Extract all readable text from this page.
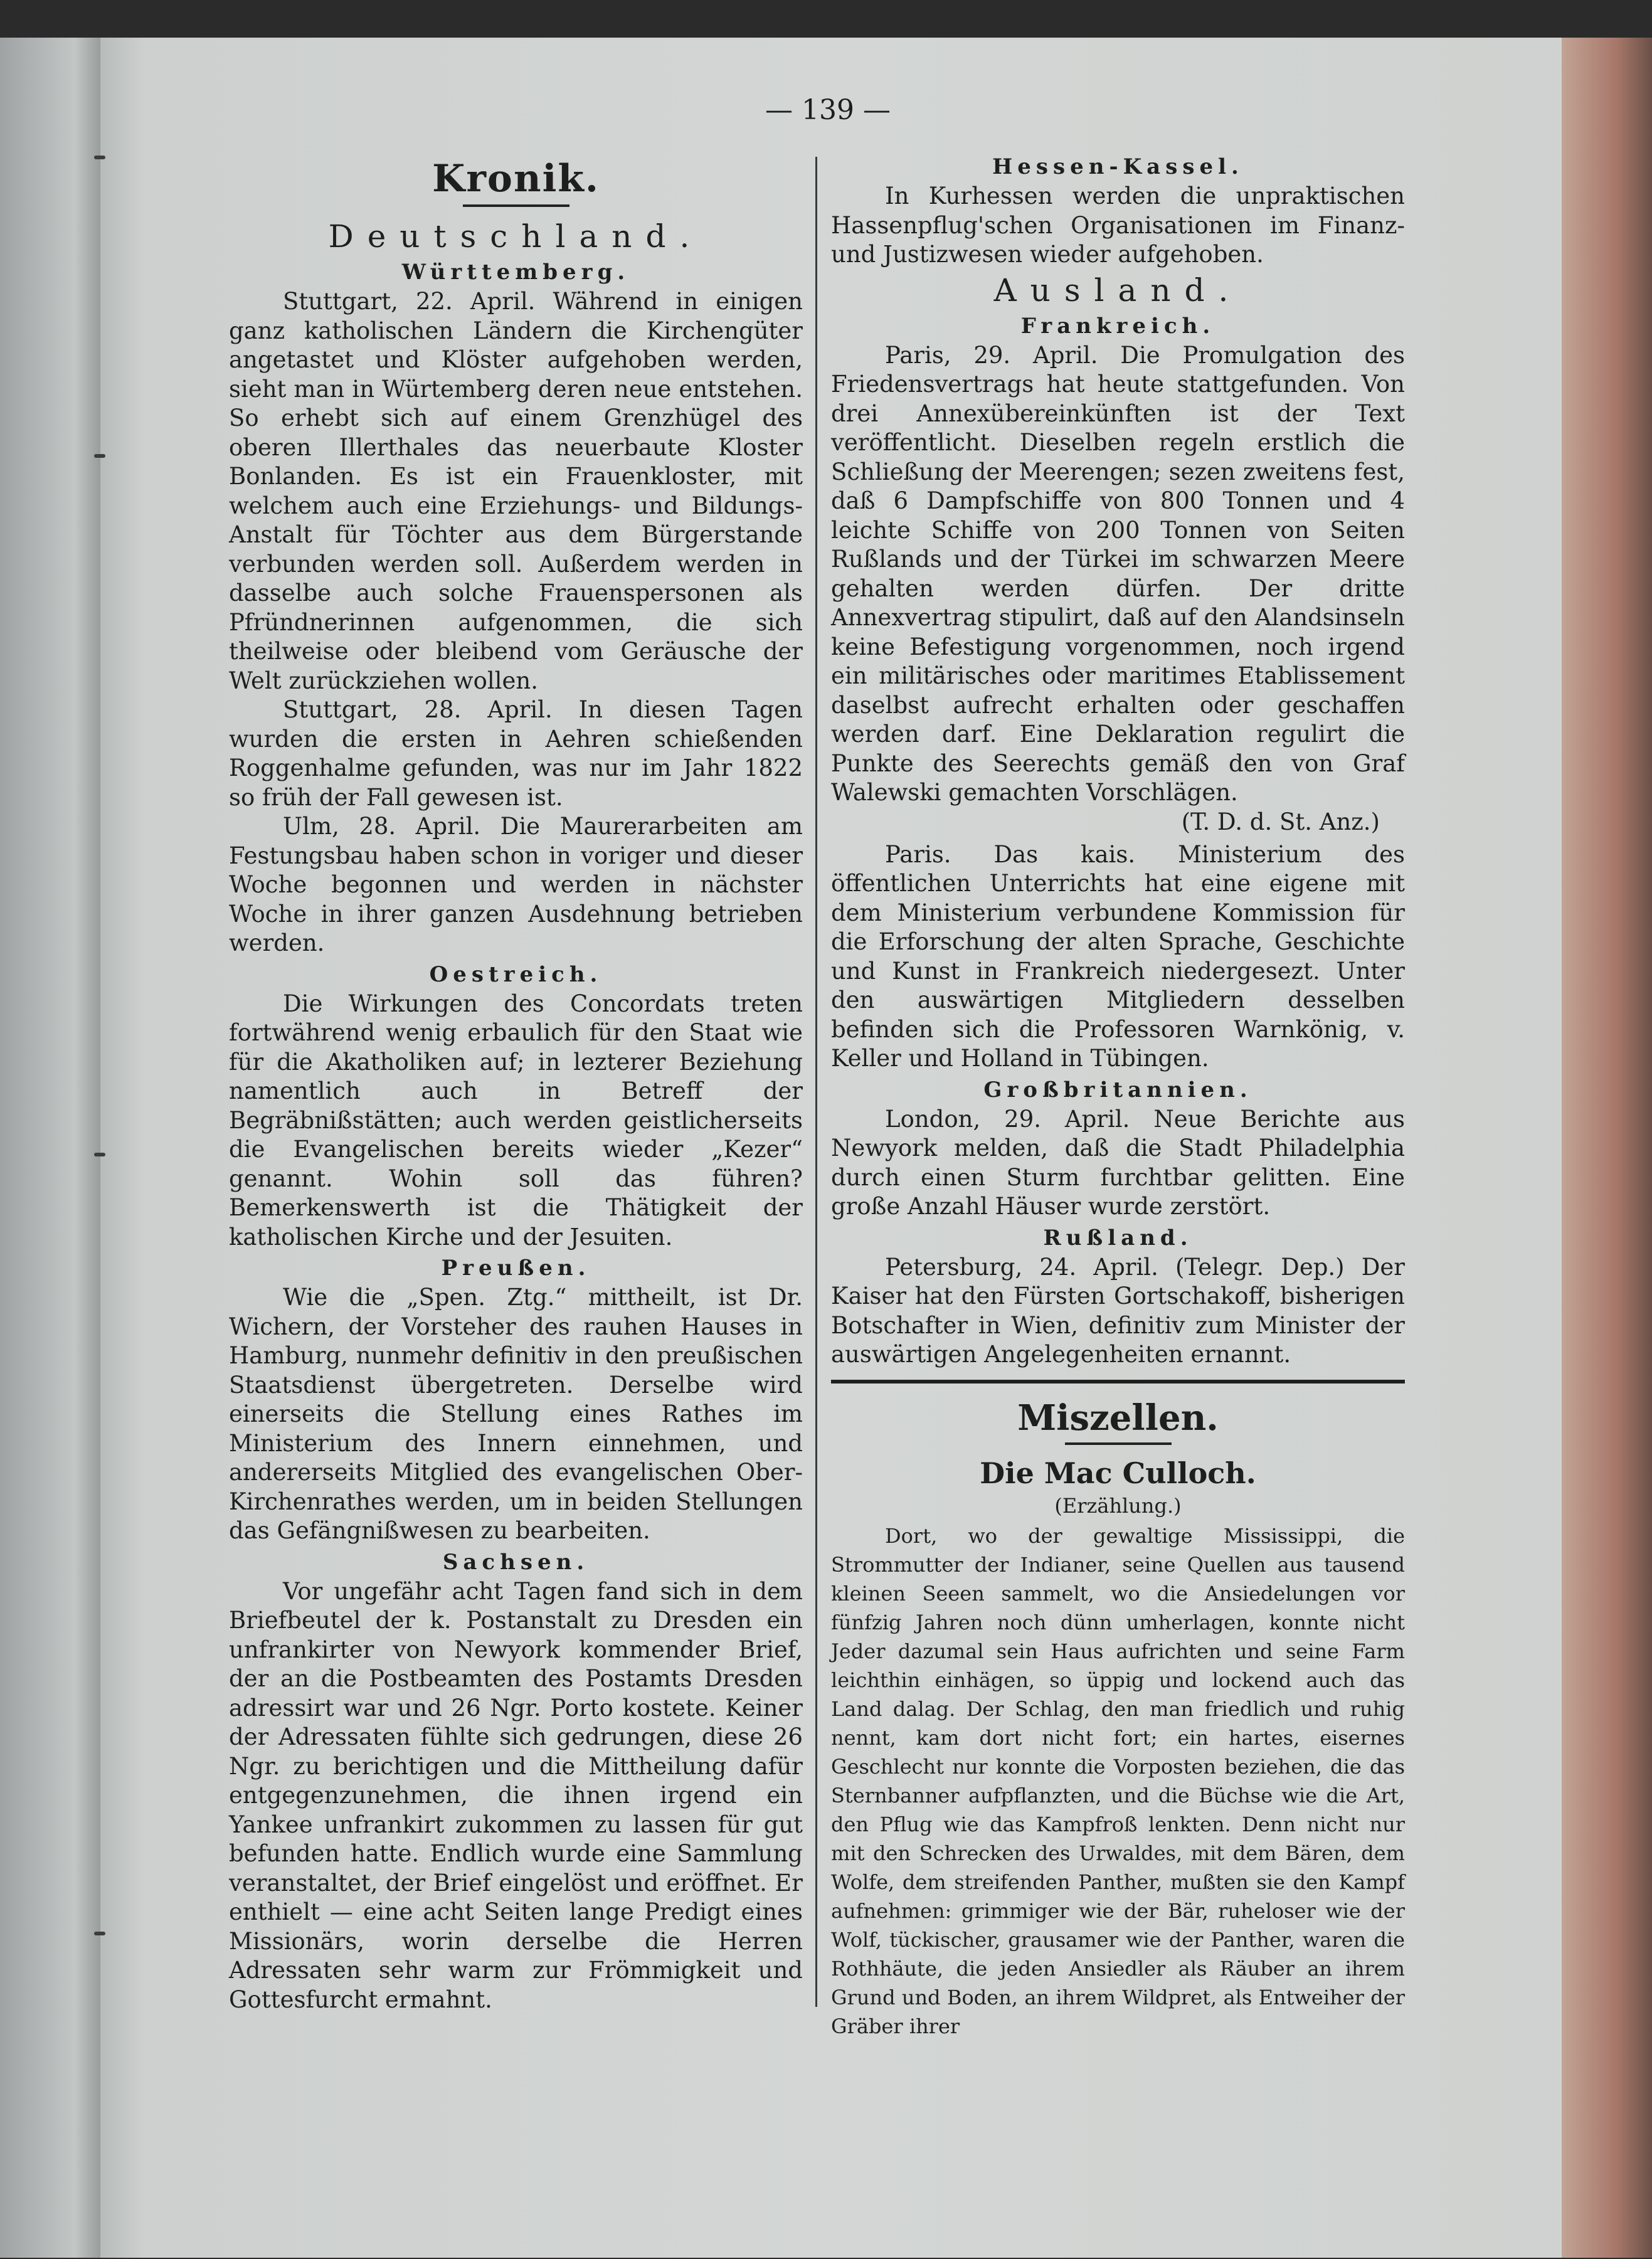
— 139 —
Kronik.
Deutschland.
Württemberg.

Stuttgart, 22. April. Während in einigen ganz katholischen Ländern die Kirchengüter angetastet und Klöster aufgehoben werden, sieht man in Würtemberg deren neue entstehen. So erhebt sich auf einem Grenzhügel des oberen Illerthales das neuerbaute Kloster Bonlanden. Es ist ein Frauenkloster, mit welchem auch eine Erziehungs- und Bildungs-Anstalt für Töchter aus dem Bürgerstande verbunden werden soll. Außerdem werden in dasselbe auch solche Frauenspersonen als Pfründnerinnen aufgenommen, die sich theilweise oder bleibend vom Geräusche der Welt zurückziehen wollen.

Stuttgart, 28. April. In diesen Tagen wurden die ersten in Aehren schießenden Roggenhalme gefunden, was nur im Jahr 1822 so früh der Fall gewesen ist.

Ulm, 28. April. Die Maurerarbeiten am Festungsbau haben schon in voriger und dieser Woche begonnen und werden in nächster Woche in ihrer ganzen Ausdehnung betrieben werden.

Oestreich.

Die Wirkungen des Concordats treten fortwährend wenig erbaulich für den Staat wie für die Akatholiken auf; in lezterer Beziehung namentlich auch in Betreff der Begräbnißstätten; auch werden geistlicherseits die Evangelischen bereits wieder „Kezer“ genannt. Wohin soll das führen? Bemerkenswerth ist die Thätigkeit der katholischen Kirche und der Jesuiten.

Preußen.

Wie die „Spen. Ztg.“ mittheilt, ist Dr. Wichern, der Vorsteher des rauhen Hauses in Hamburg, nunmehr definitiv in den preußischen Staatsdienst übergetreten. Derselbe wird einerseits die Stellung eines Rathes im Ministerium des Innern einnehmen, und andererseits Mitglied des evangelischen Ober-Kirchenrathes werden, um in beiden Stellungen das Gefängnißwesen zu bearbeiten.

Sachsen.

Vor ungefähr acht Tagen fand sich in dem Briefbeutel der k. Postanstalt zu Dresden ein unfrankirter von Newyork kommender Brief, der an die Postbeamten des Postamts Dresden adressirt war und 26 Ngr. Porto kostete. Keiner der Adressaten fühlte sich gedrungen, diese 26 Ngr. zu berichtigen und die Mittheilung dafür entgegenzunehmen, die ihnen irgend ein Yankee unfrankirt zukommen zu lassen für gut befunden hatte. Endlich wurde eine Sammlung veranstaltet, der Brief eingelöst und eröffnet. Er enthielt — eine acht Seiten lange Predigt eines Missionärs, worin derselbe die Herren Adressaten sehr warm zur Frömmigkeit und Gottesfurcht ermahnt.

Hessen-Kassel.

In Kurhessen werden die unpraktischen Hassenpflug'schen Organisationen im Finanz- und Justizwesen wieder aufgehoben.

Ausland.
Frankreich.

Paris, 29. April. Die Promulgation des Friedensvertrags hat heute stattgefunden. Von drei Annexübereinkünften ist der Text veröffentlicht. Dieselben regeln erstlich die Schließung der Meerengen; sezen zweitens fest, daß 6 Dampfschiffe von 800 Tonnen und 4 leichte Schiffe von 200 Tonnen von Seiten Rußlands und der Türkei im schwarzen Meere gehalten werden dürfen. Der dritte Annexvertrag stipulirt, daß auf den Alandsinseln keine Befestigung vorgenommen, noch irgend ein militärisches oder maritimes Etablissement daselbst aufrecht erhalten oder geschaffen werden darf. Eine Deklaration regulirt die Punkte des Seerechts gemäß den von Graf Walewski gemachten Vorschlägen.

(T. D. d. St. Anz.)

Paris. Das kais. Ministerium des öffentlichen Unterrichts hat eine eigene mit dem Ministerium verbundene Kommission für die Erforschung der alten Sprache, Geschichte und Kunst in Frankreich niedergesezt. Unter den auswärtigen Mitgliedern desselben befinden sich die Professoren Warnkönig, v. Keller und Holland in Tübingen.

Großbritannien.

London, 29. April. Neue Berichte aus Newyork melden, daß die Stadt Philadelphia durch einen Sturm furchtbar gelitten. Eine große Anzahl Häuser wurde zerstört.

Rußland.

Petersburg, 24. April. (Telegr. Dep.) Der Kaiser hat den Fürsten Gortschakoff, bisherigen Botschafter in Wien, definitiv zum Minister der auswärtigen Angelegenheiten ernannt.

Miszellen.
Die Mac Culloch.
(Erzählung.)

Dort, wo der gewaltige Mississippi, die Strommutter der Indianer, seine Quellen aus tausend kleinen Seeen sammelt, wo die Ansiedelungen vor fünfzig Jahren noch dünn umherlagen, konnte nicht Jeder dazumal sein Haus aufrichten und seine Farm leichthin einhägen, so üppig und lockend auch das Land dalag. Der Schlag, den man friedlich und ruhig nennt, kam dort nicht fort; ein hartes, eisernes Geschlecht nur konnte die Vorposten beziehen, die das Sternbanner aufpflanzten, und die Büchse wie die Art, den Pflug wie das Kampfroß lenkten. Denn nicht nur mit den Schrecken des Urwaldes, mit dem Bären, dem Wolfe, dem streifenden Panther, mußten sie den Kampf aufnehmen: grimmiger wie der Bär, ruheloser wie der Wolf, tückischer, grausamer wie der Panther, waren die Rothhäute, die jeden Ansiedler als Räuber an ihrem Grund und Boden, an ihrem Wildpret, als Entweiher der Gräber ihrer
